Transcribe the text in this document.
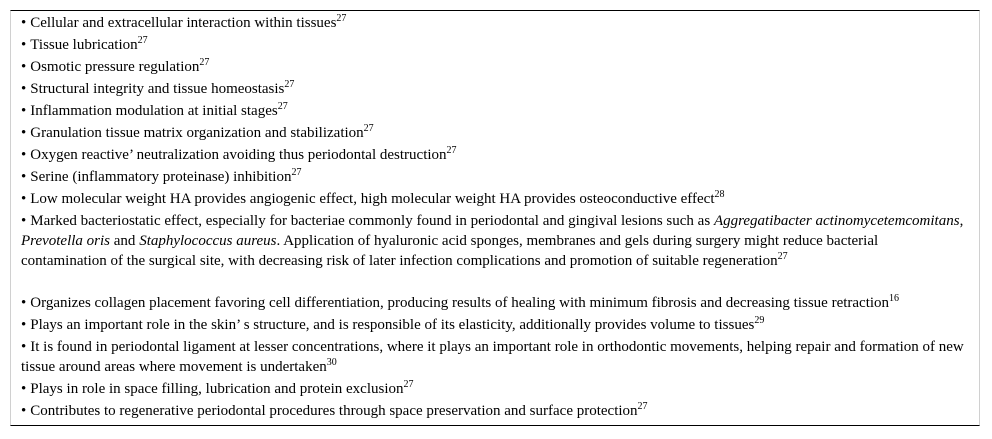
• Cellular and extracellular interaction within tissues$^{27}$
• Tissue lubrication$^{27}$
• Osmotic pressure regulation$^{27}$
• Structural integrity and tissue homeostasis$^{27}$
• Inflammation modulation at initial stages$^{27}$
• Granulation tissue matrix organization and stabilization$^{27}$
• Oxygen reactive’ neutralization avoiding thus periodontal destruction$^{27}$
• Serine (inflammatory proteinase) inhibition$^{27}$
• Low molecular weight HA provides angiogenic effect, high molecular weight HA provides osteoconductive effect$^{28}$
• Marked bacteriostatic effect, especially for bacteriae commonly found in periodontal and gingival lesions such as Aggregatibacter actinomycetemcomitans, Prevotella oris and Staphylococcus aureus. Application of hyaluronic acid sponges, membranes and gels during surgery might reduce bacterial contamination of the surgical site, with decreasing risk of later infection complications and promotion of suitable regeneration$^{27}$
• Organizes collagen placement favoring cell differentiation, producing results of healing with minimum fibrosis and decreasing tissue retraction$^{16}$
• Plays an important role in the skin’ s structure, and is responsible of its elasticity, additionally provides volume to tissues$^{29}$
• It is found in periodontal ligament at lesser concentrations, where it plays an important role in orthodontic movements, helping repair and formation of new tissue around areas where movement is undertaken$^{30}$
• Plays in role in space filling, lubrication and protein exclusion$^{27}$
• Contributes to regenerative periodontal procedures through space preservation and surface protection$^{27}$
